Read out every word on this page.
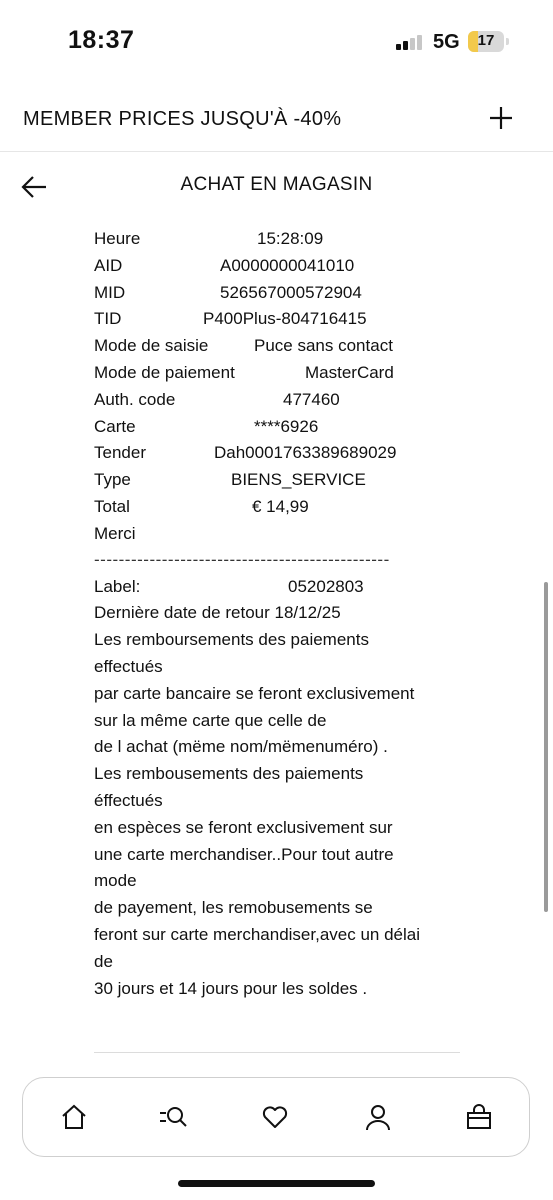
18:37	5G	17
MEMBER PRICES JUSQU'À -40%
ACHAT EN MAGASIN
Heure	15:28:09
AID	A0000000041010
MID	526567000572904
TID	P400Plus-804716415
Mode de saisie	Puce sans contact
Mode de paiement	MasterCard
Auth. code	477460
Carte	****6926
Tender	Dah0001763389689029
Type	BIENS_SERVICE
Total	€ 14,99
Merci
------------------------------------------------
Label:	05202803
Dernière date de retour 18/12/25
Les remboursements des paiements
effectués
par carte bancaire se feront exclusivement
sur la même carte que celle de
de l achat (mëme nom/mëmenuméro) .
Les rembousements des paiements
éffectués
en espèces se feront exclusivement sur
une carte merchandiser..Pour tout autre
mode
de payement, les remobusements se
feront sur carte merchandiser,avec un délai
de
30 jours et 14 jours pour les soldes .
